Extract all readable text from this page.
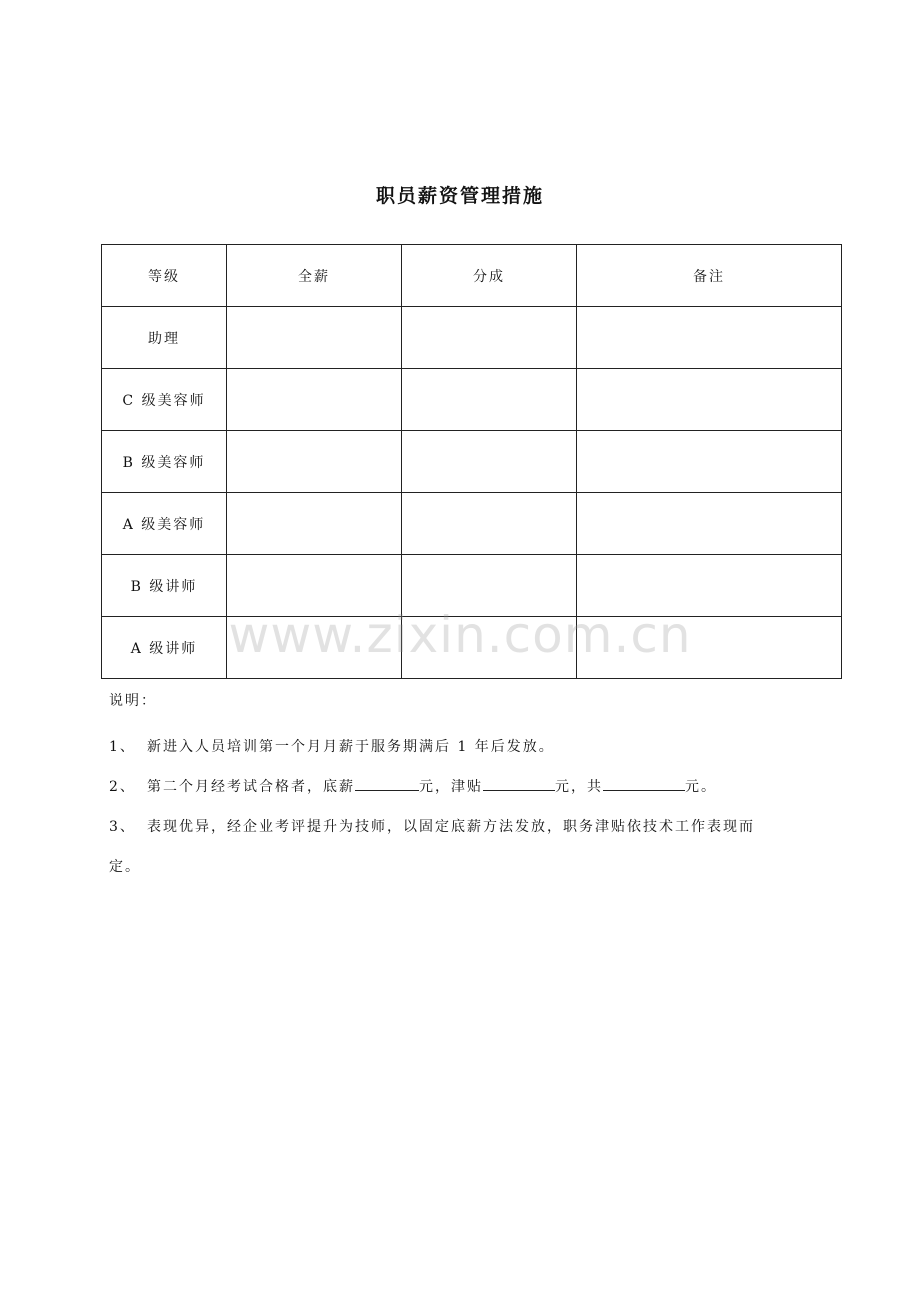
职员薪资管理措施
等级	全薪	分成	备注
助理			
C 级美容师			
B 级美容师			
A 级美容师			
B 级讲师			
A 级讲师			www.zixin.com.cn
说明：
1、 新进入人员培训第一个月月薪于服务期满后 1 年后发放。
2、 第二个月经考试合格者，底薪	元，津贴	元，共	元。
3、 表现优异，经企业考评提升为技师，以固定底薪方法发放，职务津贴依技术工作表现而
定。
